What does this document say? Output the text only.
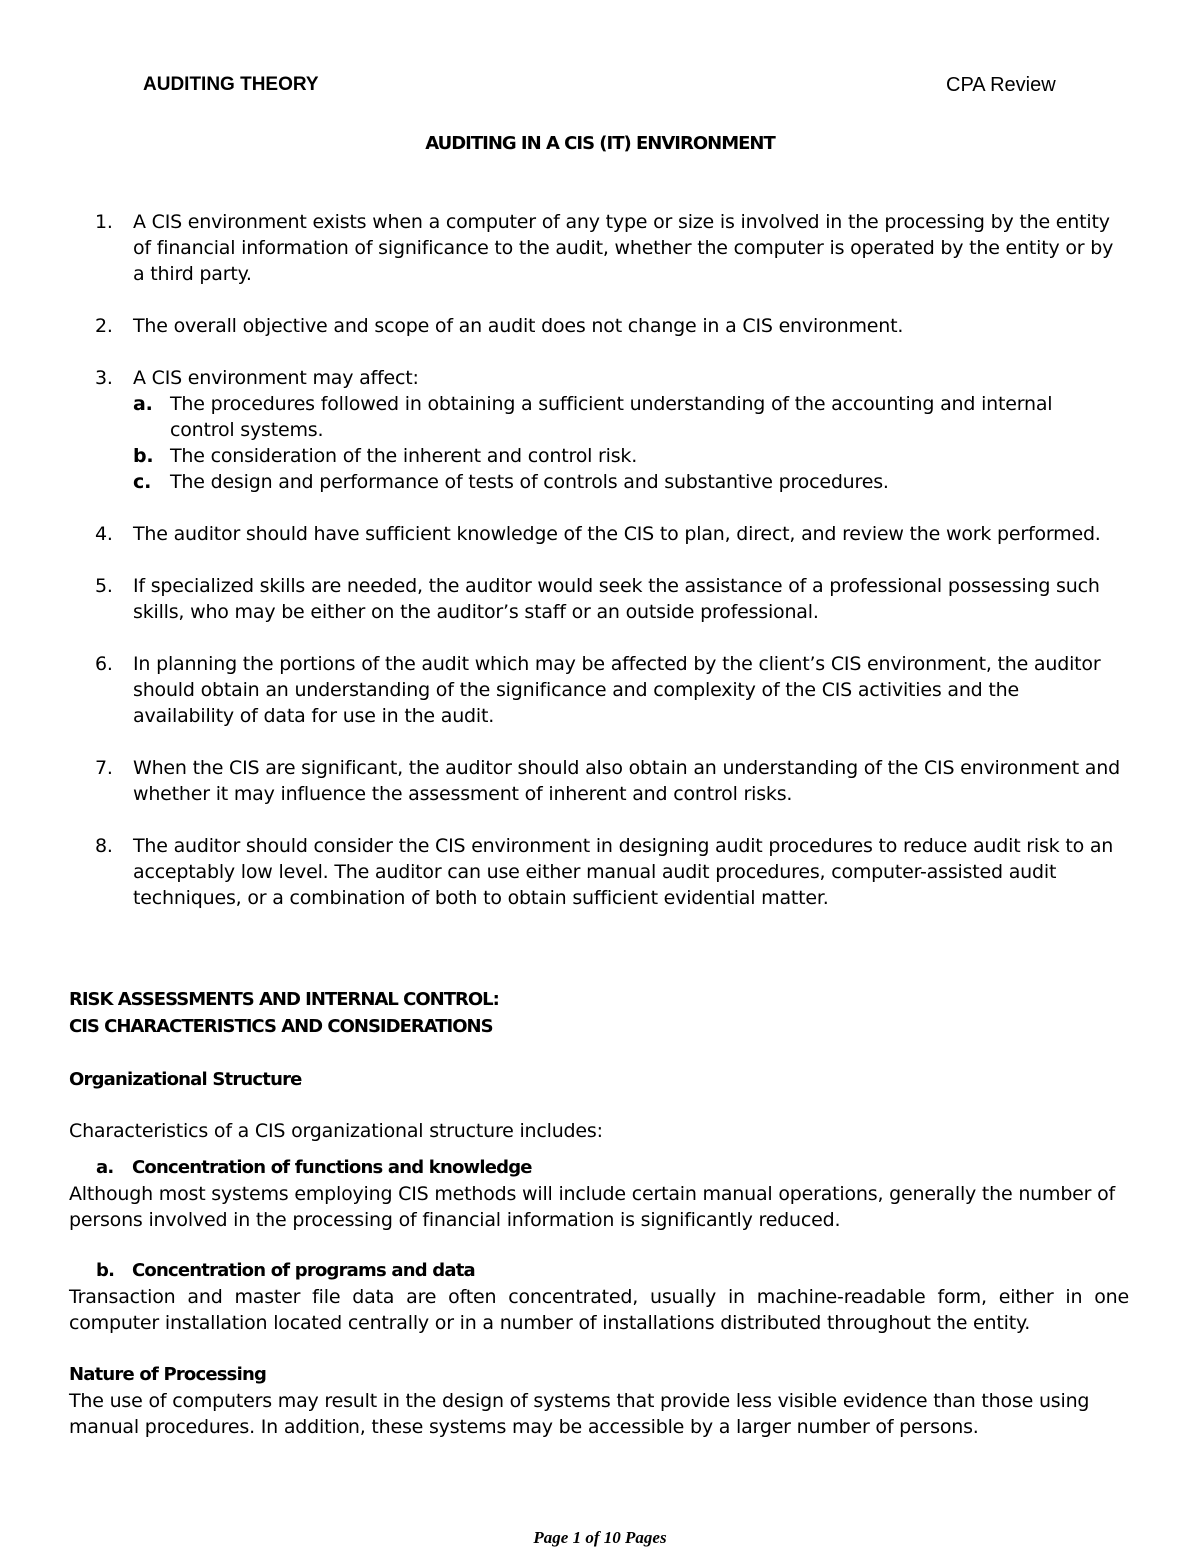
AUDITING THEORY	CPA Review
AUDITING IN A CIS (IT) ENVIRONMENT
1. A CIS environment exists when a computer of any type or size is involved in the processing by the entity of financial information of significance to the audit, whether the computer is operated by the entity or by a third party.
2. The overall objective and scope of an audit does not change in a CIS environment.
3. A CIS environment may affect:
a. The procedures followed in obtaining a sufficient understanding of the accounting and internal control systems.
b. The consideration of the inherent and control risk.
c. The design and performance of tests of controls and substantive procedures.
4. The auditor should have sufficient knowledge of the CIS to plan, direct, and review the work performed.
5. If specialized skills are needed, the auditor would seek the assistance of a professional possessing such skills, who may be either on the auditor’s staff or an outside professional.
6. In planning the portions of the audit which may be affected by the client’s CIS environment, the auditor should obtain an understanding of the significance and complexity of the CIS activities and the availability of data for use in the audit.
7. When the CIS are significant, the auditor should also obtain an understanding of the CIS environment and whether it may influence the assessment of inherent and control risks.
8. The auditor should consider the CIS environment in designing audit procedures to reduce audit risk to an acceptably low level. The auditor can use either manual audit procedures, computer-assisted audit techniques, or a combination of both to obtain sufficient evidential matter.

RISK ASSESSMENTS AND INTERNAL CONTROL:

CIS CHARACTERISTICS AND CONSIDERATIONS

Organizational Structure

Characteristics of a CIS organizational structure includes:

a. Concentration of functions and knowledge

Although most systems employing CIS methods will include certain manual operations, generally the number of persons involved in the processing of financial information is significantly reduced.

b. Concentration of programs and data

Transaction and master file data are often concentrated, usually in machine-readable form, either in one computer installation located centrally or in a number of installations distributed throughout the entity.

Nature of Processing

The use of computers may result in the design of systems that provide less visible evidence than those using manual procedures. In addition, these systems may be accessible by a larger number of persons.

Page 1 of 10 Pages
